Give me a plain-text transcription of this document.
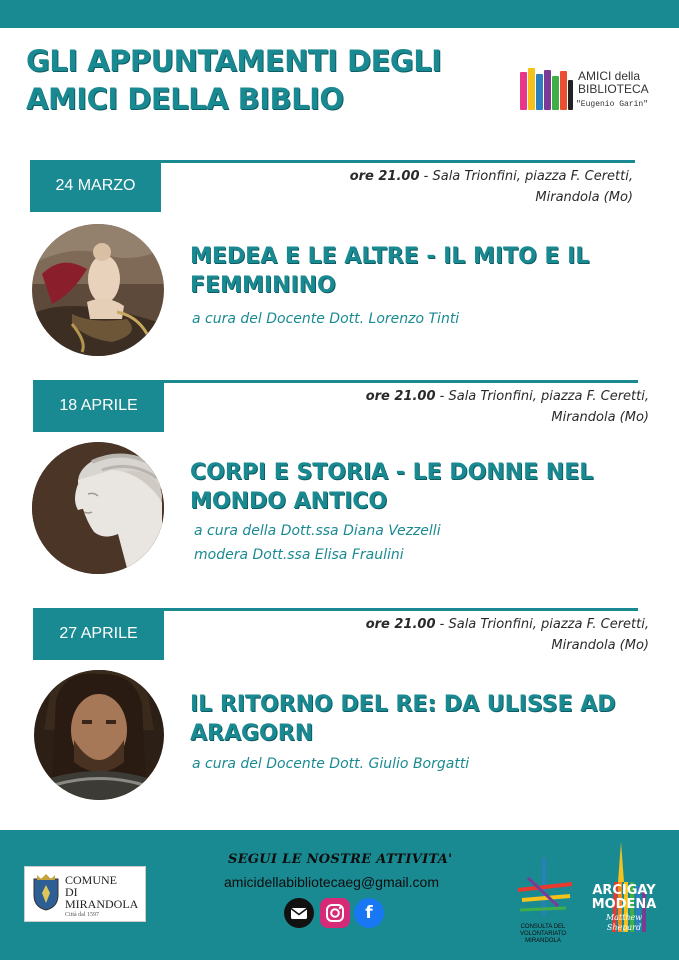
GLI APPUNTAMENTI DEGLI
AMICI DELLA BIBLIO
AMICI della
BIBLIOTECA
"Eugenio Garin"
24 MARZO
ore 21.00 - Sala Trionfini, piazza F. Ceretti,
Mirandola (Mo)
MEDEA E LE ALTRE - IL MITO E IL
FEMMININO
a cura del Docente Dott. Lorenzo Tinti
18 APRILE
ore 21.00 - Sala Trionfini, piazza F. Ceretti,
Mirandola (Mo)
CORPI E STORIA - LE DONNE NEL
MONDO ANTICO
a cura della Dott.ssa Diana Vezzelli
modera Dott.ssa Elisa Fraulini
27 APRILE
ore 21.00 - Sala Trionfini, piazza F. Ceretti,
Mirandola (Mo)
IL RITORNO DEL RE: DA ULISSE AD
ARAGORN
a cura del Docente Dott. Giulio Borgatti
COMUNE
DI
MIRANDOLA
Città dal 1597
SEGUI LE NOSTRE ATTIVITA'
amicidellabibliotecaeg@gmail.com
f
CONSULTA DEL
VOLONTARIATO
MIRANDOLA
ARCIGAY
MODENA
Matthew Shepard
